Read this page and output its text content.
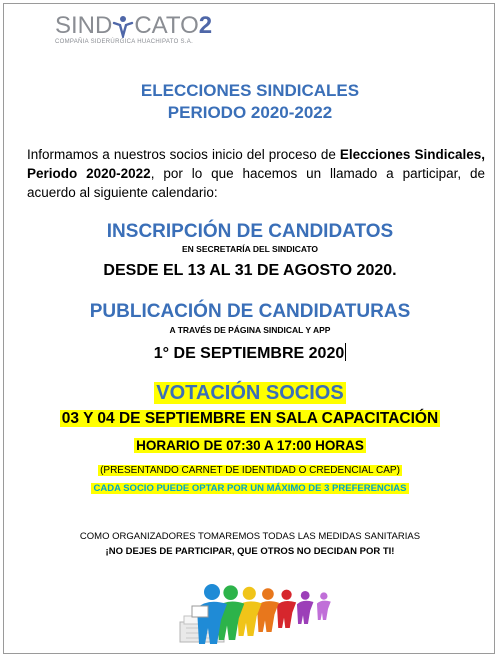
SIND CATO2
COMPAÑIA SIDERÚRGICA HUACHIPATO S.A.
ELECCIONES SINDICALES
PERIODO 2020-2022
Informamos a nuestros socios inicio del proceso de Elecciones Sindicales, Periodo 2020-2022, por lo que hacemos un llamado a participar, de acuerdo al siguiente calendario:
INSCRIPCIÓN DE CANDIDATOS
EN SECRETARÍA DEL SINDICATO
DESDE EL 13 AL 31 DE AGOSTO 2020.
PUBLICACIÓN DE CANDIDATURAS
A TRAVÉS DE PÁGINA SINDICAL Y APP
1° DE SEPTIEMBRE 2020
VOTACIÓN SOCIOS
03 Y 04 DE SEPTIEMBRE EN SALA CAPACITACIÓN
HORARIO DE 07:30 A 17:00 HORAS
(PRESENTANDO CARNET DE IDENTIDAD O CREDENCIAL CAP)
CADA SOCIO PUEDE OPTAR POR UN MÁXIMO DE 3 PREFERENCIAS
COMO ORGANIZADORES TOMAREMOS TODAS LAS MEDIDAS SANITARIAS
¡NO DEJES DE PARTICIPAR, QUE OTROS NO DECIDAN POR TI!
